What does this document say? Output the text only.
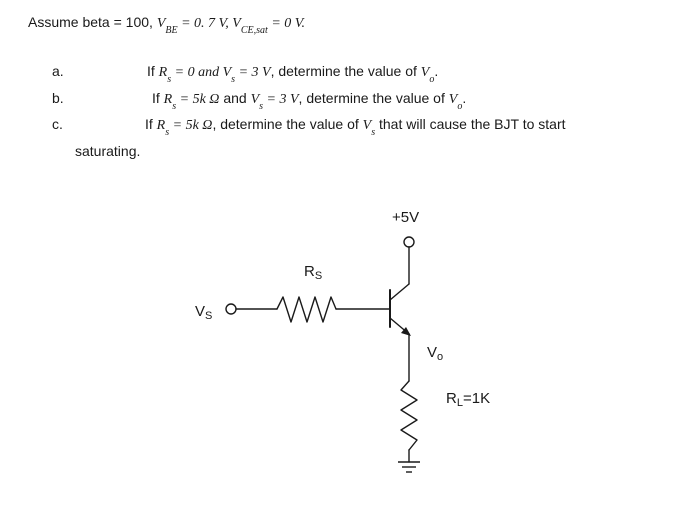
Assume beta = 100, $V_{BE} = 0$. 7 V, $V_{CE,sat} = 0$ V.
a.	If $R_s = 0$ and $V_s = 3$ V, determine the value of $V_o$.
b.	If $R_s = 5k$ Ω and $V_s = 3$ V, determine the value of $V_o$.
c.	If $R_s = 5k$ Ω, determine the value of $V_s$ that will cause the BJT to start
saturating.
+5V
$R_S$
$V_S$
$V_o$
$R_L=1K$
